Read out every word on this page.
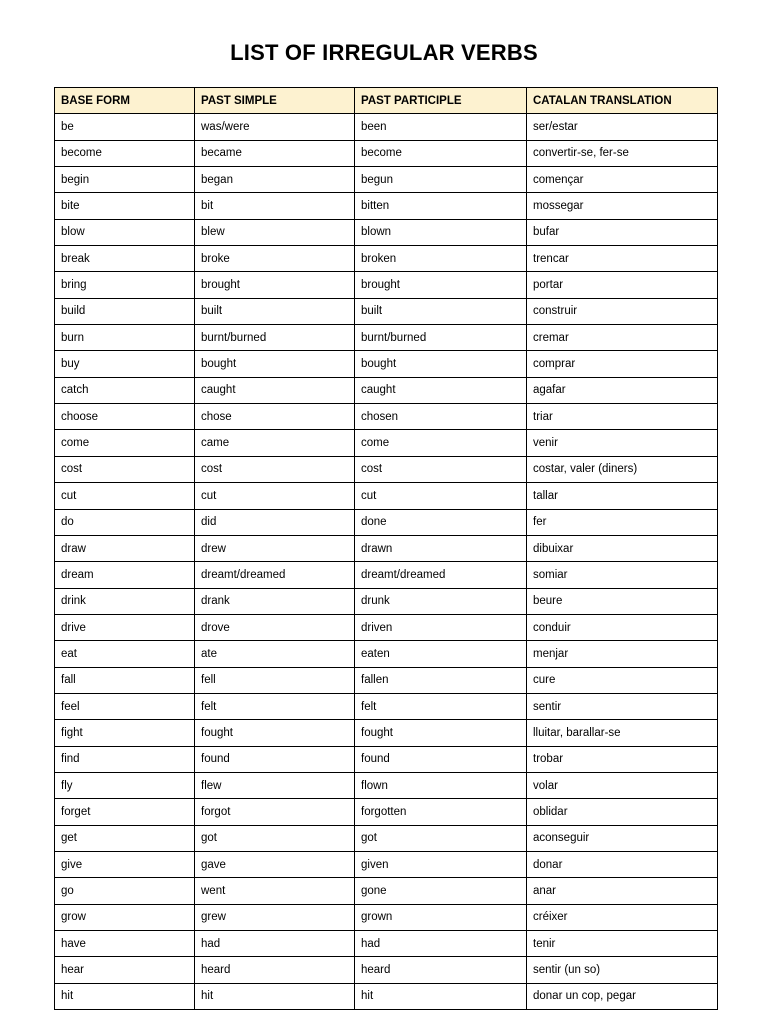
LIST OF IRREGULAR VERBS
BASE FORM	PAST SIMPLE	PAST PARTICIPLE	CATALAN TRANSLATION
be	was/were	been	ser/estar
become	became	become	convertir-se, fer-se
begin	began	begun	començar
bite	bit	bitten	mossegar
blow	blew	blown	bufar
break	broke	broken	trencar
bring	brought	brought	portar
build	built	built	construir
burn	burnt/burned	burnt/burned	cremar
buy	bought	bought	comprar
catch	caught	caught	agafar
choose	chose	chosen	triar
come	came	come	venir
cost	cost	cost	costar, valer (diners)
cut	cut	cut	tallar
do	did	done	fer
draw	drew	drawn	dibuixar
dream	dreamt/dreamed	dreamt/dreamed	somiar
drink	drank	drunk	beure
drive	drove	driven	conduir
eat	ate	eaten	menjar
fall	fell	fallen	cure
feel	felt	felt	sentir
fight	fought	fought	lluitar, barallar-se
find	found	found	trobar
fly	flew	flown	volar
forget	forgot	forgotten	oblidar
get	got	got	aconseguir
give	gave	given	donar
go	went	gone	anar
grow	grew	grown	créixer
have	had	had	tenir
hear	heard	heard	sentir (un so)
hit	hit	hit	donar un cop, pegar
